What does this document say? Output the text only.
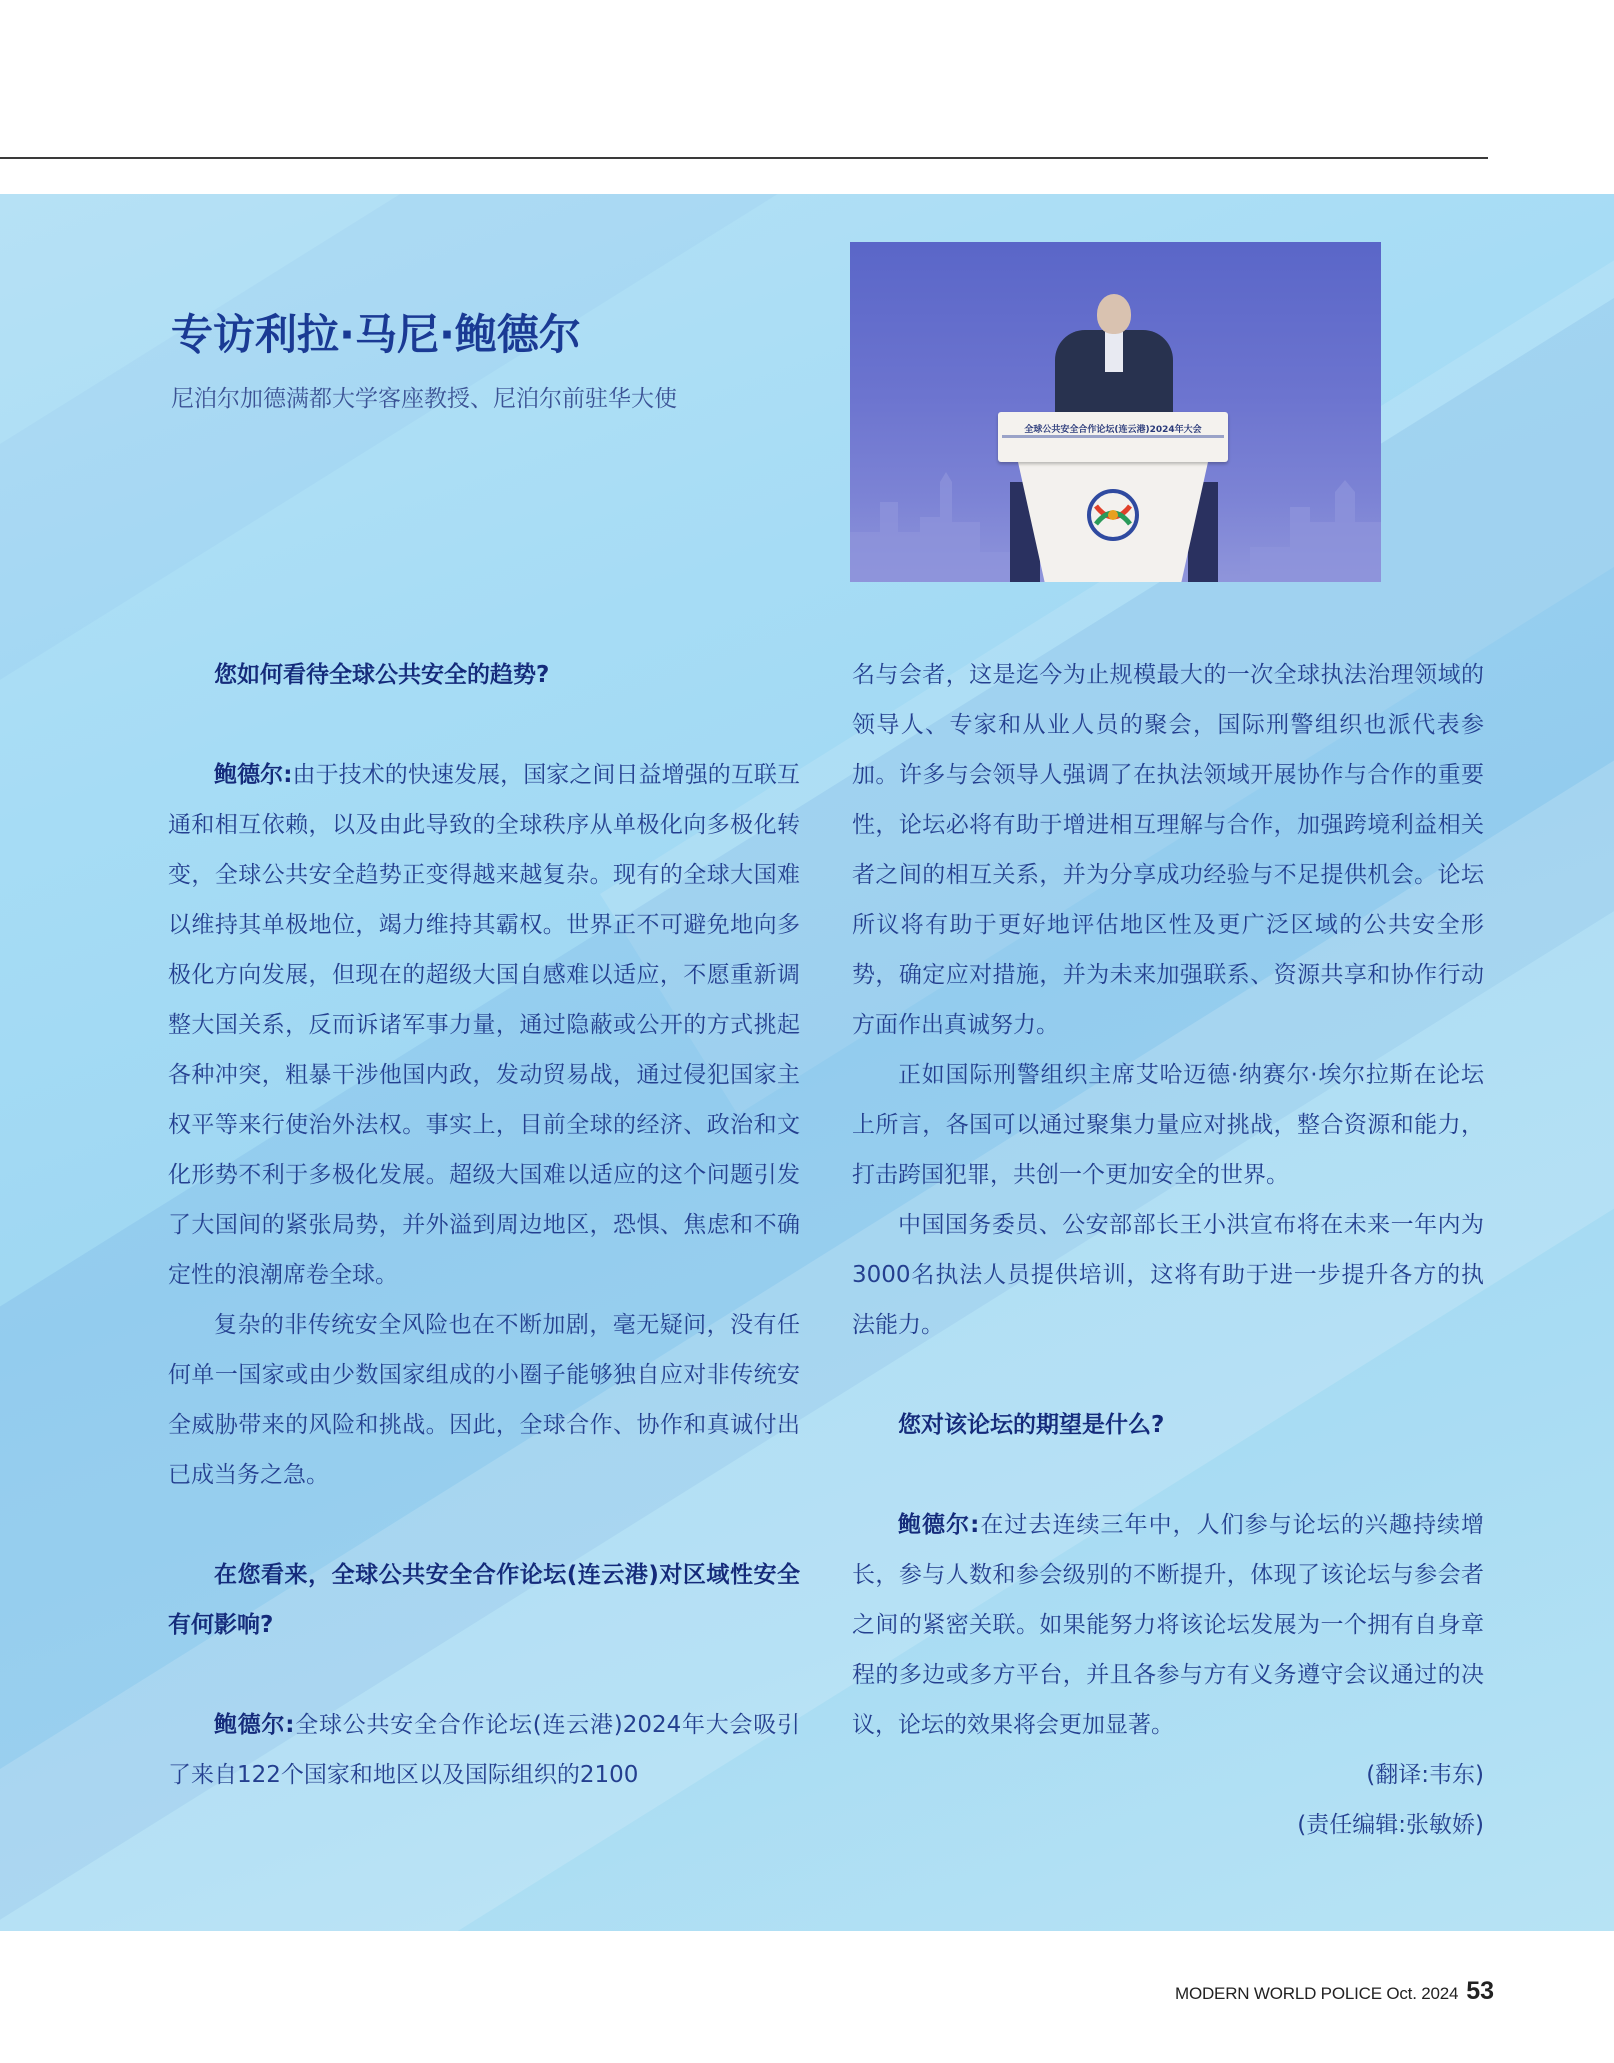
专访利拉·马尼·鲍德尔
尼泊尔加德满都大学客座教授、尼泊尔前驻华大使
全球公共安全合作论坛(连云港)2024年大会

您如何看待全球公共安全的趋势?

鲍德尔:由于技术的快速发展，国家之间日益增强的互联互通和相互依赖，以及由此导致的全球秩序从单极化向多极化转变，全球公共安全趋势正变得越来越复杂。现有的全球大国难以维持其单极地位，竭力维持其霸权。世界正不可避免地向多极化方向发展，但现在的超级大国自感难以适应，不愿重新调整大国关系，反而诉诸军事力量，通过隐蔽或公开的方式挑起各种冲突，粗暴干涉他国内政，发动贸易战，通过侵犯国家主权平等来行使治外法权。事实上，目前全球的经济、政治和文化形势不利于多极化发展。超级大国难以适应的这个问题引发了大国间的紧张局势，并外溢到周边地区，恐惧、焦虑和不确定性的浪潮席卷全球。

复杂的非传统安全风险也在不断加剧，毫无疑问，没有任何单一国家或由少数国家组成的小圈子能够独自应对非传统安全威胁带来的风险和挑战。因此，全球合作、协作和真诚付出已成当务之急。

在您看来，全球公共安全合作论坛(连云港)对区域性安全有何影响?

鲍德尔:全球公共安全合作论坛(连云港)2024年大会吸引了来自122个国家和地区以及国际组织的2100

名与会者，这是迄今为止规模最大的一次全球执法治理领域的领导人、专家和从业人员的聚会，国际刑警组织也派代表参加。许多与会领导人强调了在执法领域开展协作与合作的重要性，论坛必将有助于增进相互理解与合作，加强跨境利益相关者之间的相互关系，并为分享成功经验与不足提供机会。论坛所议将有助于更好地评估地区性及更广泛区域的公共安全形势，确定应对措施，并为未来加强联系、资源共享和协作行动方面作出真诚努力。

正如国际刑警组织主席艾哈迈德·纳赛尔·埃尔拉斯在论坛上所言，各国可以通过聚集力量应对挑战，整合资源和能力，打击跨国犯罪，共创一个更加安全的世界。

中国国务委员、公安部部长王小洪宣布将在未来一年内为3000名执法人员提供培训，这将有助于进一步提升各方的执法能力。

您对该论坛的期望是什么?

鲍德尔:在过去连续三年中，人们参与论坛的兴趣持续增长，参与人数和参会级别的不断提升，体现了该论坛与参会者之间的紧密关联。如果能努力将该论坛发展为一个拥有自身章程的多边或多方平台，并且各参与方有义务遵守会议通过的决议，论坛的效果将会更加显著。

(翻译:韦东)

(责任编辑:张敏娇)

MODERN WORLD POLICE Oct. 2024 53
